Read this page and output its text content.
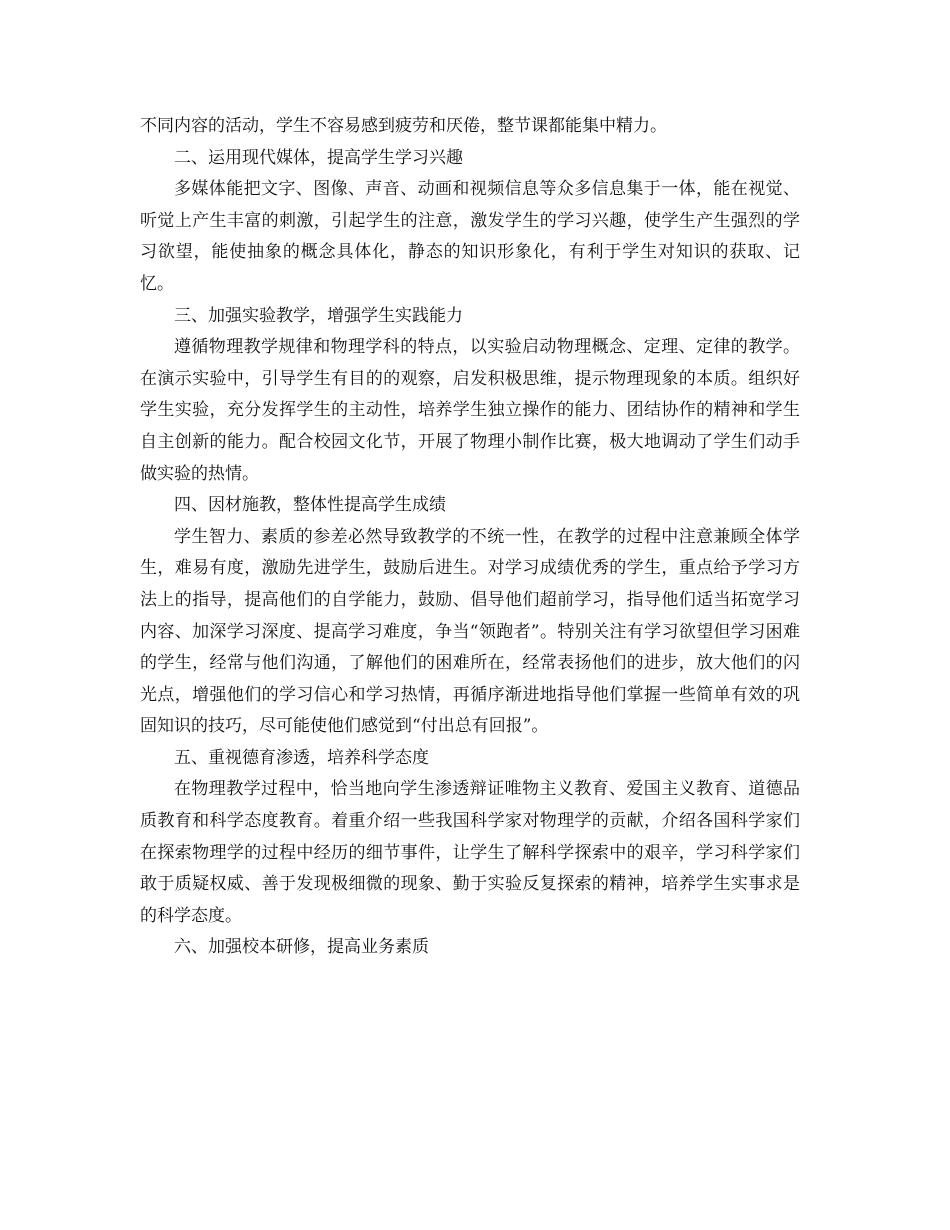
不同内容的活动，学生不容易感到疲劳和厌倦，整节课都能集中精力。

二、运用现代媒体，提高学生学习兴趣

多媒体能把文字、图像、声音、动画和视频信息等众多信息集于一体，能在视觉、听觉上产生丰富的刺激，引起学生的注意，激发学生的学习兴趣，使学生产生强烈的学习欲望，能使抽象的概念具体化，静态的知识形象化，有利于学生对知识的获取、记忆。

三、加强实验教学，增强学生实践能力

遵循物理教学规律和物理学科的特点，以实验启动物理概念、定理、定律的教学。在演示实验中，引导学生有目的的观察，启发积极思维，提示物理现象的本质。组织好学生实验，充分发挥学生的主动性，培养学生独立操作的能力、团结协作的精神和学生自主创新的能力。配合校园文化节，开展了物理小制作比赛，极大地调动了学生们动手做实验的热情。

四、因材施教，整体性提高学生成绩

学生智力、素质的参差必然导致教学的不统一性，在教学的过程中注意兼顾全体学生，难易有度，激励先进学生，鼓励后进生。对学习成绩优秀的学生，重点给予学习方法上的指导，提高他们的自学能力，鼓励、倡导他们超前学习，指导他们适当拓宽学习内容、加深学习深度、提高学习难度，争当“领跑者”。特别关注有学习欲望但学习困难的学生，经常与他们沟通，了解他们的困难所在，经常表扬他们的进步，放大他们的闪光点，增强他们的学习信心和学习热情，再循序渐进地指导他们掌握一些简单有效的巩固知识的技巧，尽可能使他们感觉到“付出总有回报”。

五、重视德育渗透，培养科学态度

在物理教学过程中，恰当地向学生渗透辩证唯物主义教育、爱国主义教育、道德品质教育和科学态度教育。着重介绍一些我国科学家对物理学的贡献，介绍各国科学家们在探索物理学的过程中经历的细节事件，让学生了解科学探索中的艰辛，学习科学家们敢于质疑权威、善于发现极细微的现象、勤于实验反复探索的精神，培养学生实事求是的科学态度。

六、加强校本研修，提高业务素质
